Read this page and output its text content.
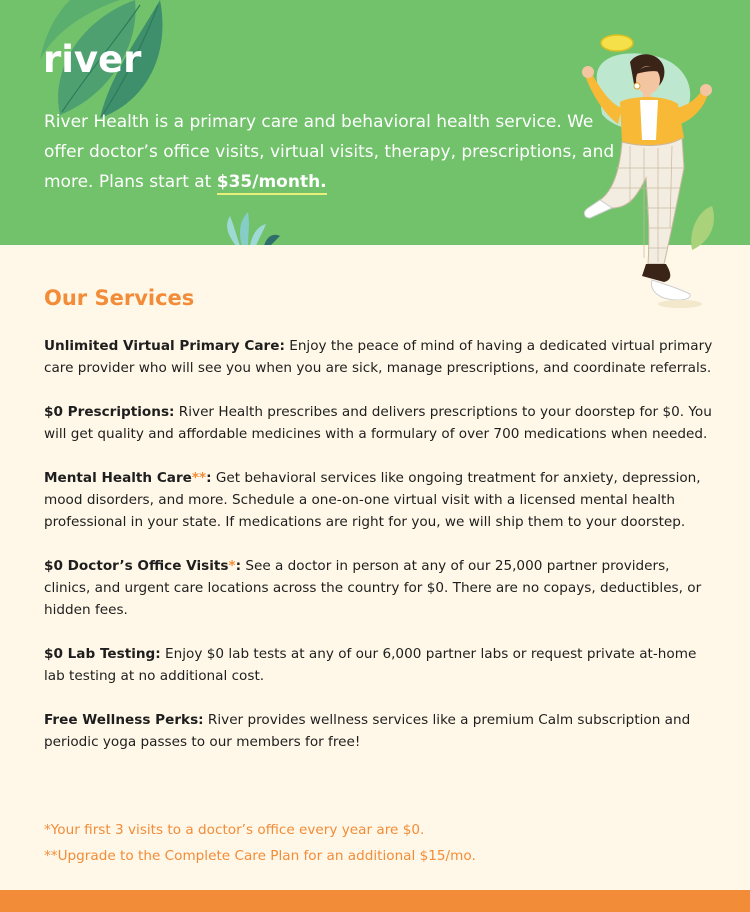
river

River Health is a primary care and behavioral health service. We offer doctor’s office visits, virtual visits, therapy, prescriptions, and more. Plans start at $35/month.

Our Services

Unlimited Virtual Primary Care: Enjoy the peace of mind of having a dedicated virtual primary care provider who will see you when you are sick, manage prescriptions, and coordinate referrals.

$0 Prescriptions: River Health prescribes and delivers prescriptions to your doorstep for $0. You will get quality and affordable medicines with a formulary of over 700 medications when needed.

Mental Health Care**: Get behavioral services like ongoing treatment for anxiety, depression, mood disorders, and more. Schedule a one-on-one virtual visit with a licensed mental health professional in your state. If medications are right for you, we will ship them to your doorstep.

$0 Doctor’s Office Visits*: See a doctor in person at any of our 25,000 partner providers, clinics, and urgent care locations across the country for $0. There are no copays, deductibles, or hidden fees.

$0 Lab Testing: Enjoy $0 lab tests at any of our 6,000 partner labs or request private at-home lab testing at no additional cost.

Free Wellness Perks: River provides wellness services like a premium Calm subscription and periodic yoga passes to our members for free!

*Your first 3 visits to a doctor’s office every year are $0.

**Upgrade to the Complete Care Plan for an additional $15/mo.
